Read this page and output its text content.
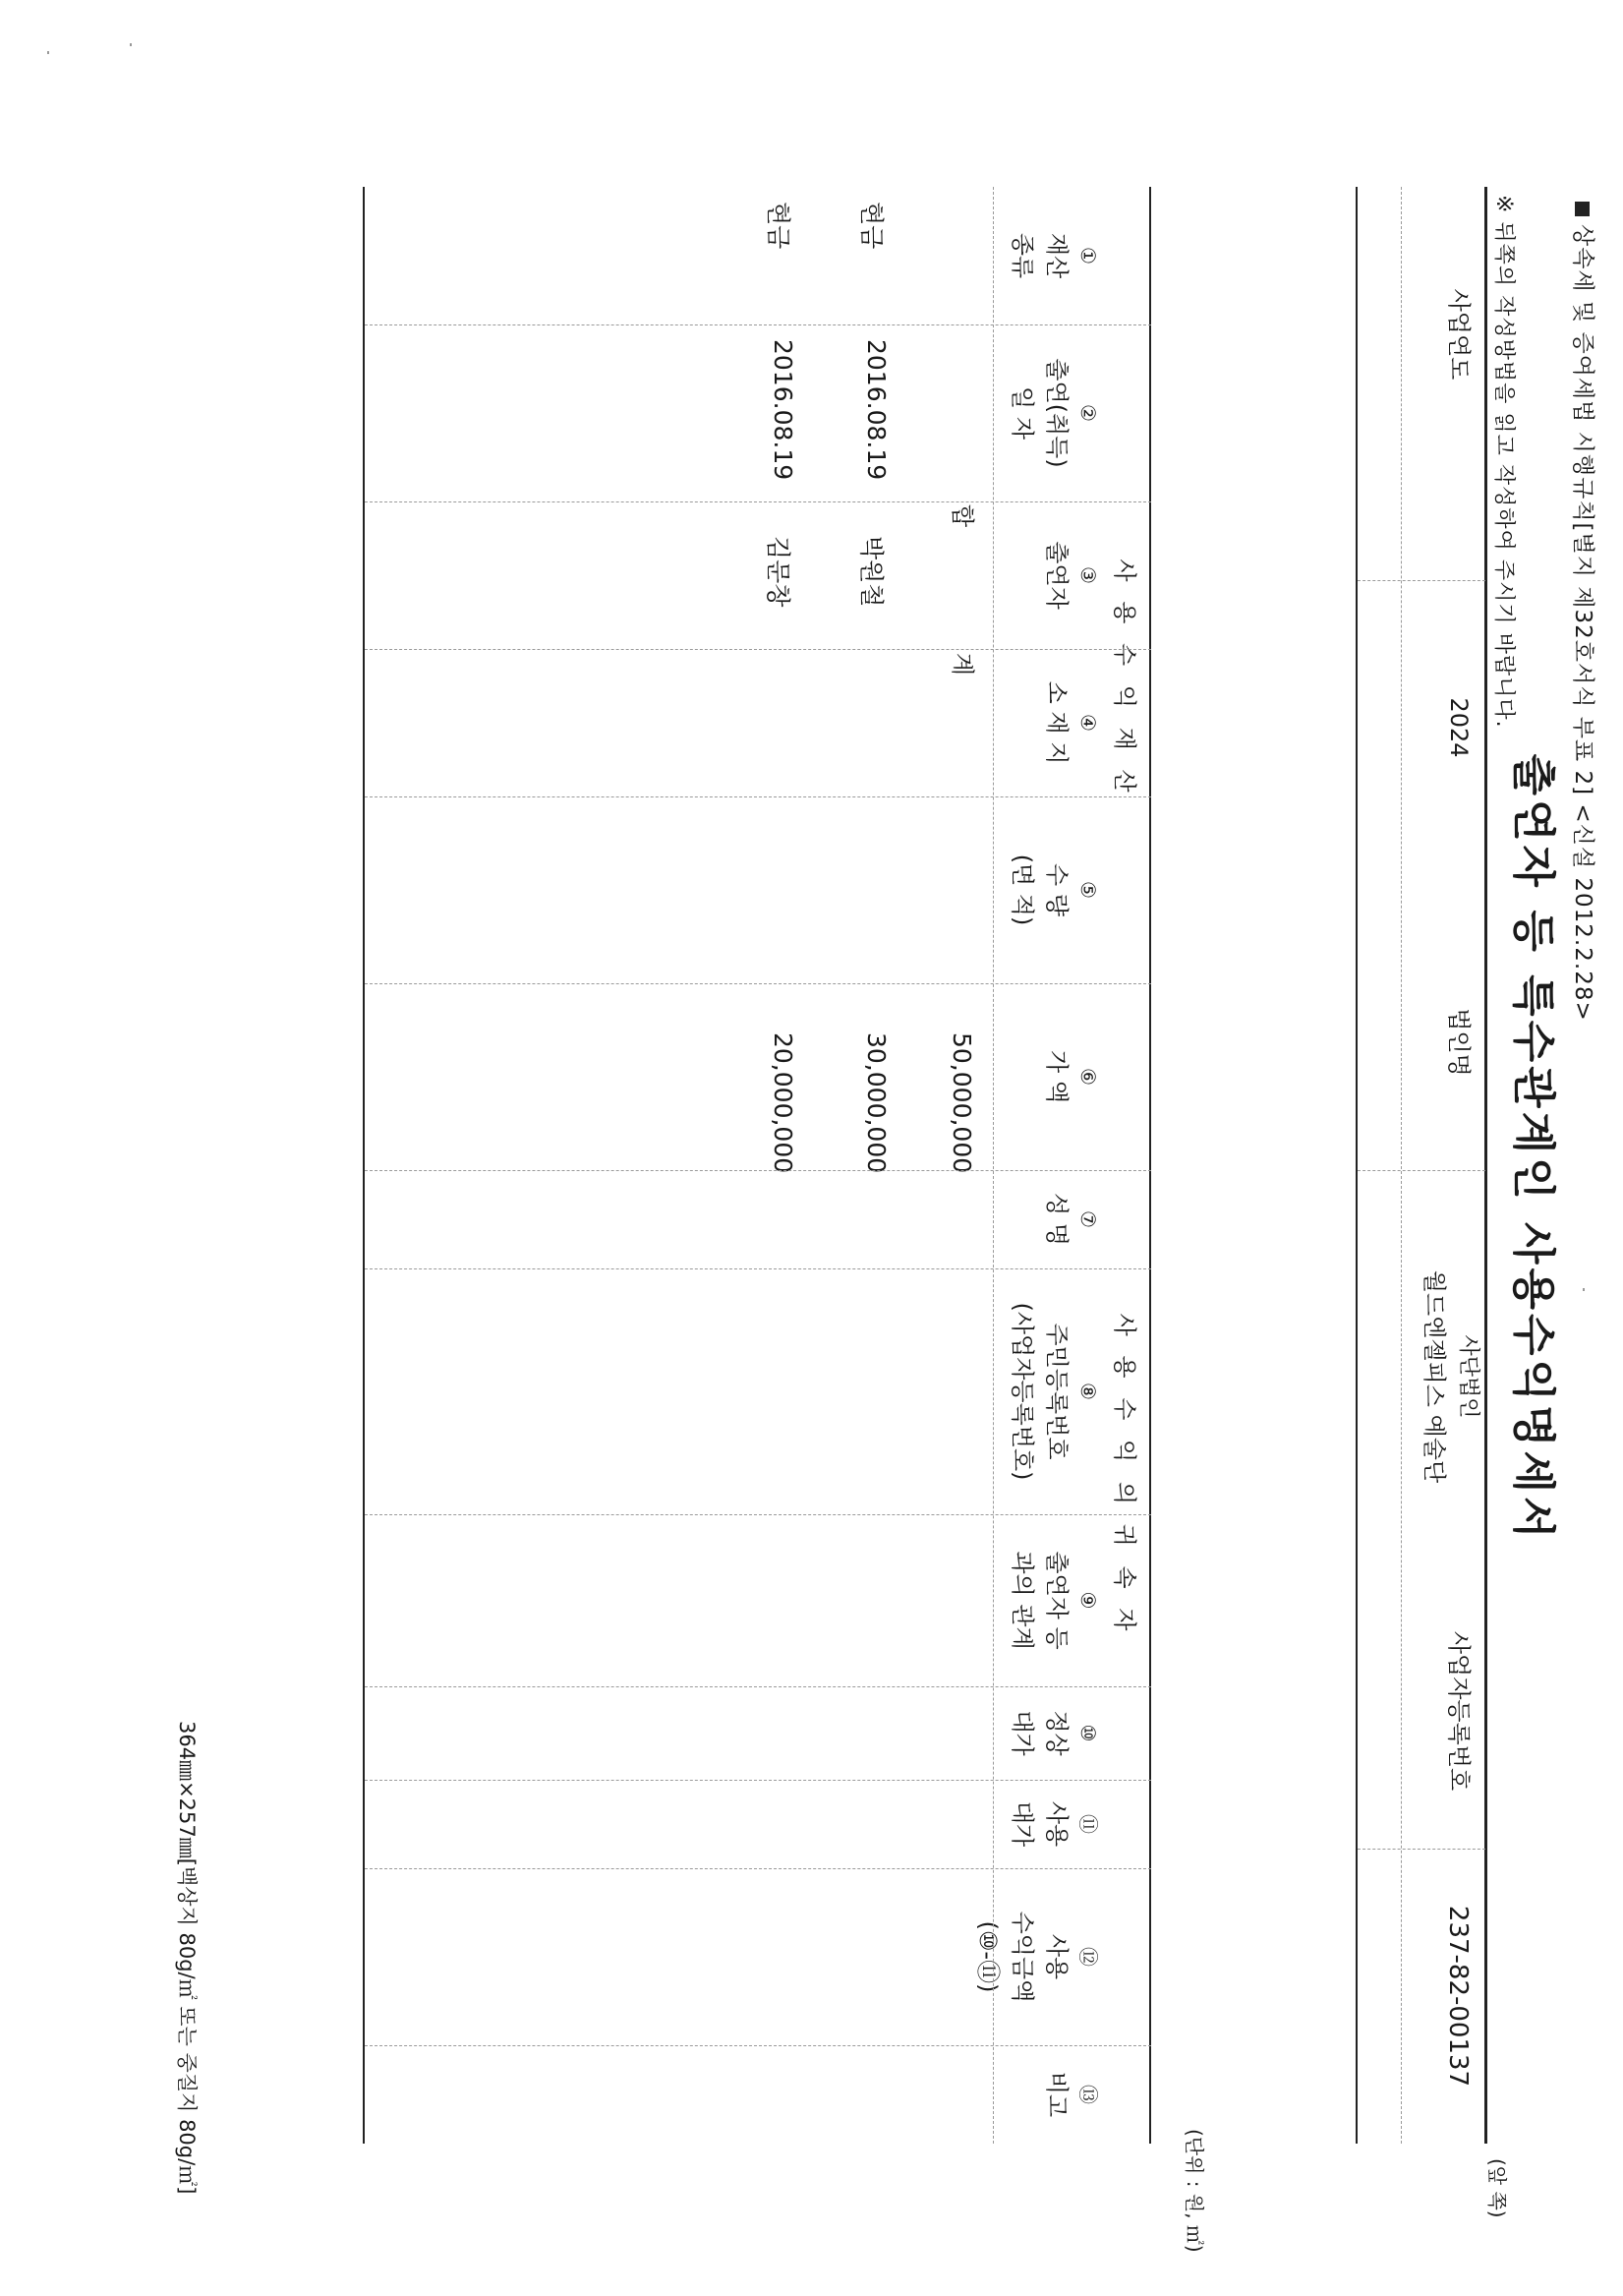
상속세 및 증여세법 시행규칙[별지 제32호서식 부표 2] <신설 2012.2.28>
출연자 등 특수관계인 사용수익명세서
(앞 쪽)
※ 뒤쪽의 작성방법을 읽고 작성하여 주시기 바랍니다.
사업연도
2024
법인명
사단법인
월드엔젤피스 예술단
사업자등록번호
237-82-00137
(단위 : 원, ㎡)
사 용 수 익 재 산
사 용 수 익 의 귀 속 자
①
재산
종류
②
출연(취득)
일 자
③
출연자
④
소 재 지
⑤
수 량
(면 적)
⑥
가 액
⑦
성 명
⑧
주민등록번호
(사업자등록번호)
⑨
출연자 등
과의 관계
⑩
정상
대가
⑪
사용
대가
⑫
사용
수익금액
(⑩-⑪)
⑬
비고
합 계
50,000,000
현금
2016.08.19
박원철
30,000,000
현금
2016.08.19
김문창
20,000,000
364㎜×257㎜[백상지 80g/㎡ 또는 중질지 80g/㎡]
